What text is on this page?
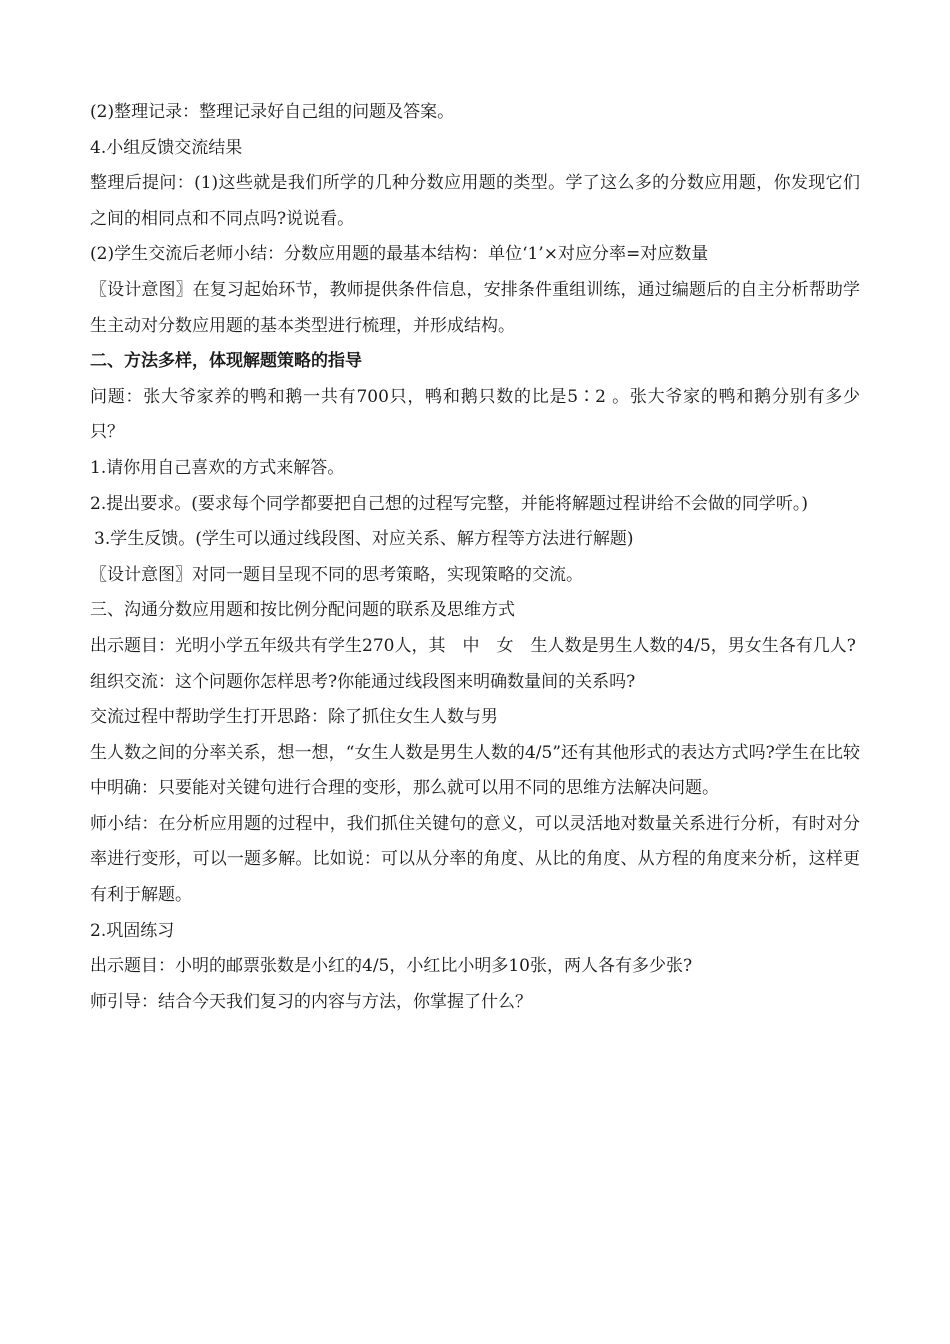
(2)整理记录：整理记录好自己组的问题及答案。

4.小组反馈交流结果

整理后提问：(1)这些就是我们所学的几种分数应用题的类型。学了这么多的分数应用题，你发现它们之间的相同点和不同点吗?说说看。

(2)学生交流后老师小结：分数应用题的最基本结构：单位‘1’×对应分率=对应数量

〖设计意图〗在复习起始环节，教师提供条件信息，安排条件重组训练，通过编题后的自主分析帮助学生主动对分数应用题的基本类型进行梳理，并形成结构。

二、方法多样，体现解题策略的指导

问题：张大爷家养的鸭和鹅一共有700只，鸭和鹅只数的比是5∶2 。张大爷家的鸭和鹅分别有多少只？

1.请你用自己喜欢的方式来解答。

2.提出要求。(要求每个同学都要把自己想的过程写完整，并能将解题过程讲给不会做的同学听。)

3.学生反馈。(学生可以通过线段图、对应关系、解方程等方法进行解题)

〖设计意图〗对同一题目呈现不同的思考策略，实现策略的交流。

三、沟通分数应用题和按比例分配问题的联系及思维方式

出示题目：光明小学五年级共有学生270人，其　中　女　生人数是男生人数的4/5，男女生各有几人?

组织交流：这个问题你怎样思考?你能通过线段图来明确数量间的关系吗?

交流过程中帮助学生打开思路：除了抓住女生人数与男

生人数之间的分率关系，想一想，“女生人数是男生人数的4/5”还有其他形式的表达方式吗?学生在比较中明确：只要能对关键句进行合理的变形，那么就可以用不同的思维方法解决问题。

师小结：在分析应用题的过程中，我们抓住关键句的意义，可以灵活地对数量关系进行分析，有时对分率进行变形，可以一题多解。比如说：可以从分率的角度、从比的角度、从方程的角度来分析，这样更有利于解题。

2.巩固练习

出示题目：小明的邮票张数是小红的4/5，小红比小明多10张，两人各有多少张?

师引导：结合今天我们复习的内容与方法，你掌握了什么？
